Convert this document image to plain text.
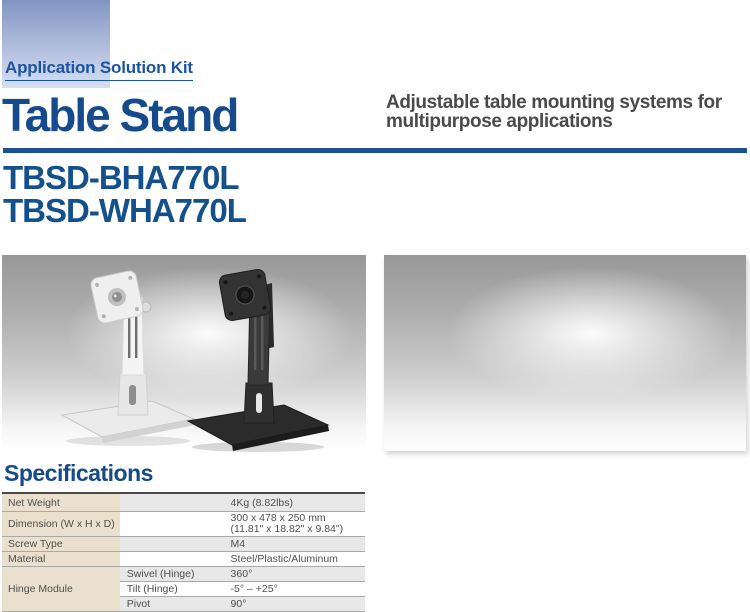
Application Solution Kit
Table Stand	Adjustable table mounting systems for
multipurpose applications
TBSD-BHA770L
TBSD-WHA770L
Specifications
Net Weight		4Kg (8.82lbs)
Dimension (W x H x D)		300 x 478 x 250 mm
(11.81" x 18.82" x 9.84")

Screw Type		M4
Material		Steel/Plastic/Aluminum
Hinge Module	Swivel (Hinge)	360°
	Tilt (Hinge)	-5° – +25°
	Pivot	90°
